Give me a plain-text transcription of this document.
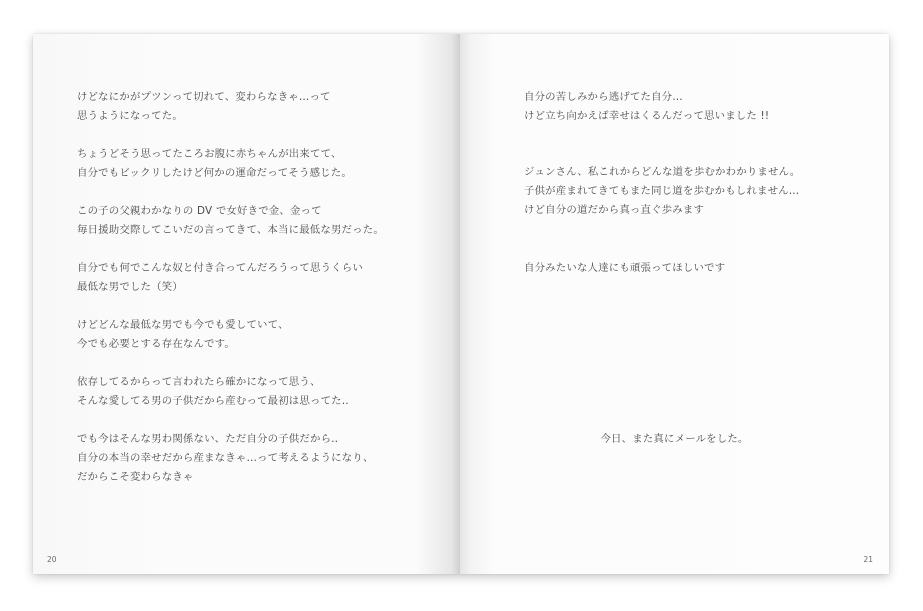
けどなにかがプツンって切れて、変わらなきゃ…って
思うようになってた。
ちょうどそう思ってたころお腹に赤ちゃんが出来てて、
自分でもビックリしたけど何かの運命だってそう感じた。
この子の父親わかなりの DV で女好きで金、金って
毎日援助交際してこいだの言ってきて、本当に最低な男だった。
自分でも何でこんな奴と付き合ってんだろうって思うくらい
最低な男でした（笑）
けどどんな最低な男でも今でも愛していて、
今でも必要とする存在なんです。
依存してるからって言われたら確かになって思う、
そんな愛してる男の子供だから産むって最初は思ってた‥
でも今はそんな男わ関係ない、ただ自分の子供だから‥
自分の本当の幸せだから産まなきゃ…って考えるようになり、
だからこそ変わらなきゃ
20
自分の苦しみから逃げてた自分…
けど立ち向かえば幸せはくるんだって思いました !!
ジュンさん、私これからどんな道を歩むかわかりません。
子供が産まれてきてもまた同じ道を歩むかもしれません…
けど自分の道だから真っ直ぐ歩みます
自分みたいな人達にも頑張ってほしいです
今日、また真にメールをした。
21
